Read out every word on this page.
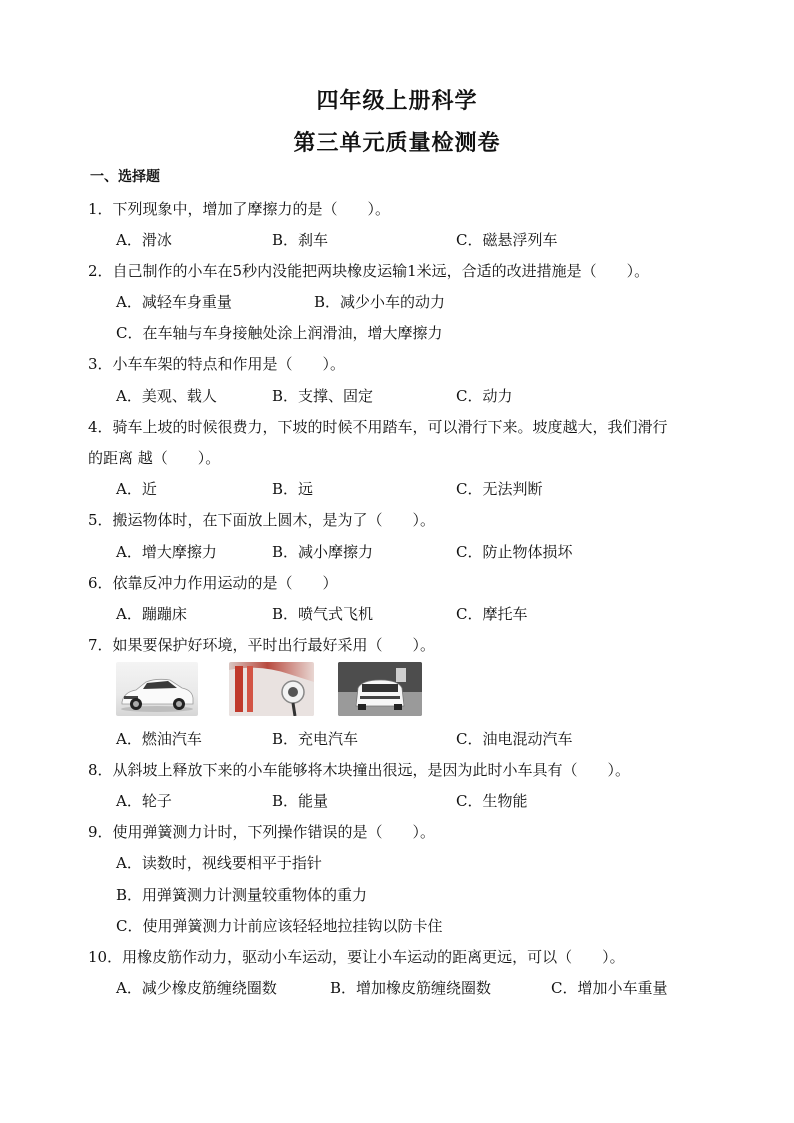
四年级上册科学
第三单元质量检测卷
一、选择题
1．下列现象中，增加了摩擦力的是（　　）。
A．滑冰	B．刹车	C．磁悬浮列车
2．自己制作的小车在5秒内没能把两块橡皮运输1米远，合适的改进措施是（　　）。
A．减轻车身重量	B．减少小车的动力
C．在车轴与车身接触处涂上润滑油，增大摩擦力
3．小车车架的特点和作用是（　　）。
A．美观、载人	B．支撑、固定	C．动力
4．骑车上坡的时候很费力，下坡的时候不用踏车，可以滑行下来。坡度越大，我们滑行
的距离 越（　　）。
A．近	B．远	C．无法判断
5．搬运物体时，在下面放上圆木，是为了（　　）。
A．增大摩擦力	B．减小摩擦力	C．防止物体损坏
6．依靠反冲力作用运动的是（　　）
A．蹦蹦床	B．喷气式飞机	C．摩托车
7．如果要保护好环境，平时出行最好采用（　　）。
A．燃油汽车	B．充电汽车	C．油电混动汽车
8．从斜坡上释放下来的小车能够将木块撞出很远，是因为此时小车具有（　　）。
A．轮子	B．能量	C．生物能
9．使用弹簧测力计时，下列操作错误的是（　　）。
A．读数时，视线要相平于指针
B．用弹簧测力计测量较重物体的重力
C．使用弹簧测力计前应该轻轻地拉挂钩以防卡住
10．用橡皮筋作动力，驱动小车运动，要让小车运动的距离更远，可以（　　）。
A．减少橡皮筋缠绕圈数	B．增加橡皮筋缠绕圈数	C．增加小车重量
